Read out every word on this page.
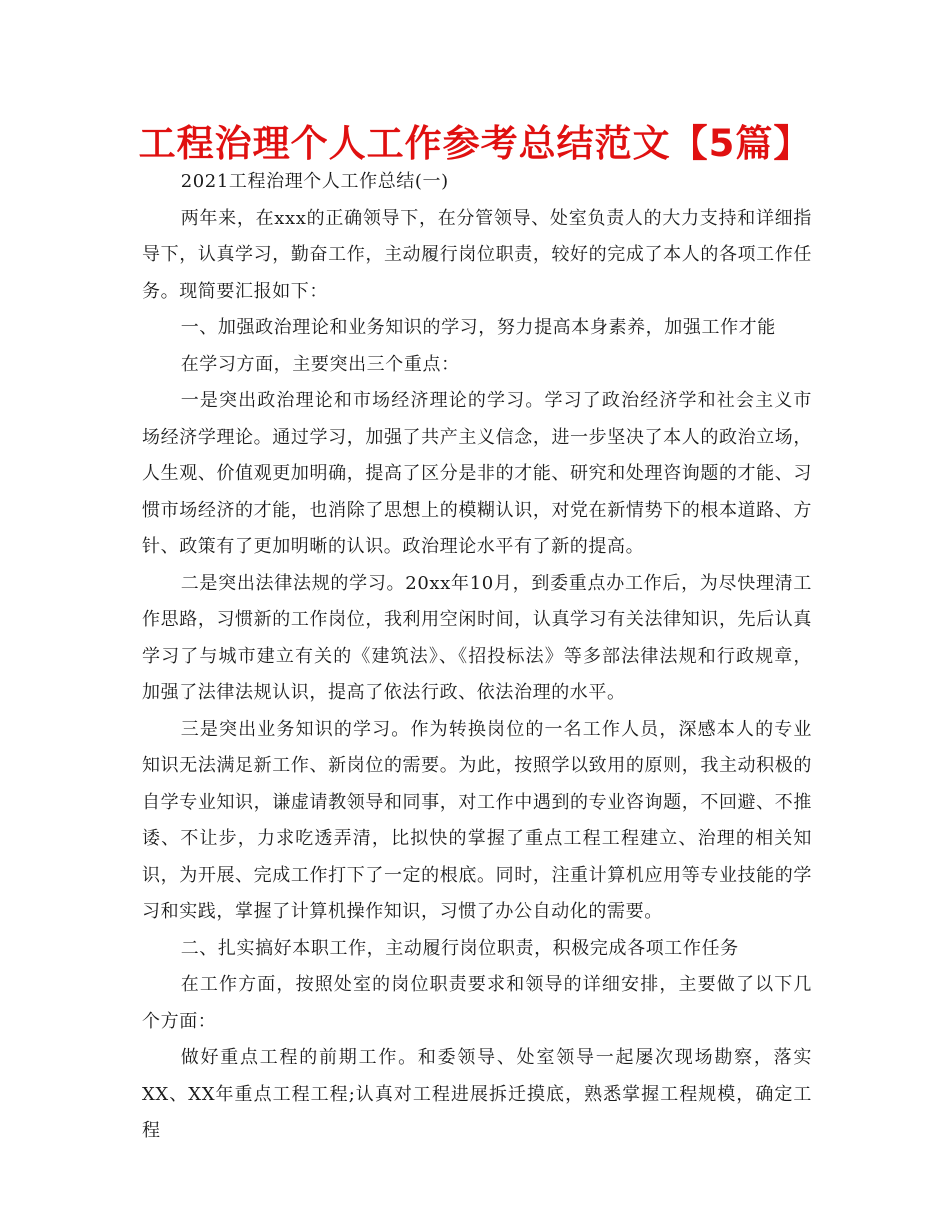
工程治理个人工作参考总结范文【5篇】

2021工程治理个人工作总结(一)

两年来，在xxx的正确领导下，在分管领导、处室负责人的大力支持和详细指导下，认真学习，勤奋工作，主动履行岗位职责，较好的完成了本人的各项工作任务。现简要汇报如下：

一、加强政治理论和业务知识的学习，努力提高本身素养，加强工作才能

在学习方面，主要突出三个重点：

一是突出政治理论和市场经济理论的学习。学习了政治经济学和社会主义市场经济学理论。通过学习，加强了共产主义信念，进一步坚决了本人的政治立场，人生观、价值观更加明确，提高了区分是非的才能、研究和处理咨询题的才能、习惯市场经济的才能，也消除了思想上的模糊认识，对党在新情势下的根本道路、方针、政策有了更加明晰的认识。政治理论水平有了新的提高。

二是突出法律法规的学习。20xx年10月，到委重点办工作后，为尽快理清工作思路，习惯新的工作岗位，我利用空闲时间，认真学习有关法律知识，先后认真学习了与城市建立有关的《建筑法》、《招投标法》等多部法律法规和行政规章，加强了法律法规认识，提高了依法行政、依法治理的水平。

三是突出业务知识的学习。作为转换岗位的一名工作人员，深感本人的专业知识无法满足新工作、新岗位的需要。为此，按照学以致用的原则，我主动积极的自学专业知识，谦虚请教领导和同事，对工作中遇到的专业咨询题，不回避、不推诿、不让步，力求吃透弄清，比拟快的掌握了重点工程工程建立、治理的相关知识，为开展、完成工作打下了一定的根底。同时，注重计算机应用等专业技能的学习和实践，掌握了计算机操作知识，习惯了办公自动化的需要。

二、扎实搞好本职工作，主动履行岗位职责，积极完成各项工作任务

在工作方面，按照处室的岗位职责要求和领导的详细安排，主要做了以下几个方面：

做好重点工程的前期工作。和委领导、处室领导一起屡次现场勘察，落实XX、XX年重点工程工程;认真对工程进展拆迁摸底，熟悉掌握工程规模，确定工程
